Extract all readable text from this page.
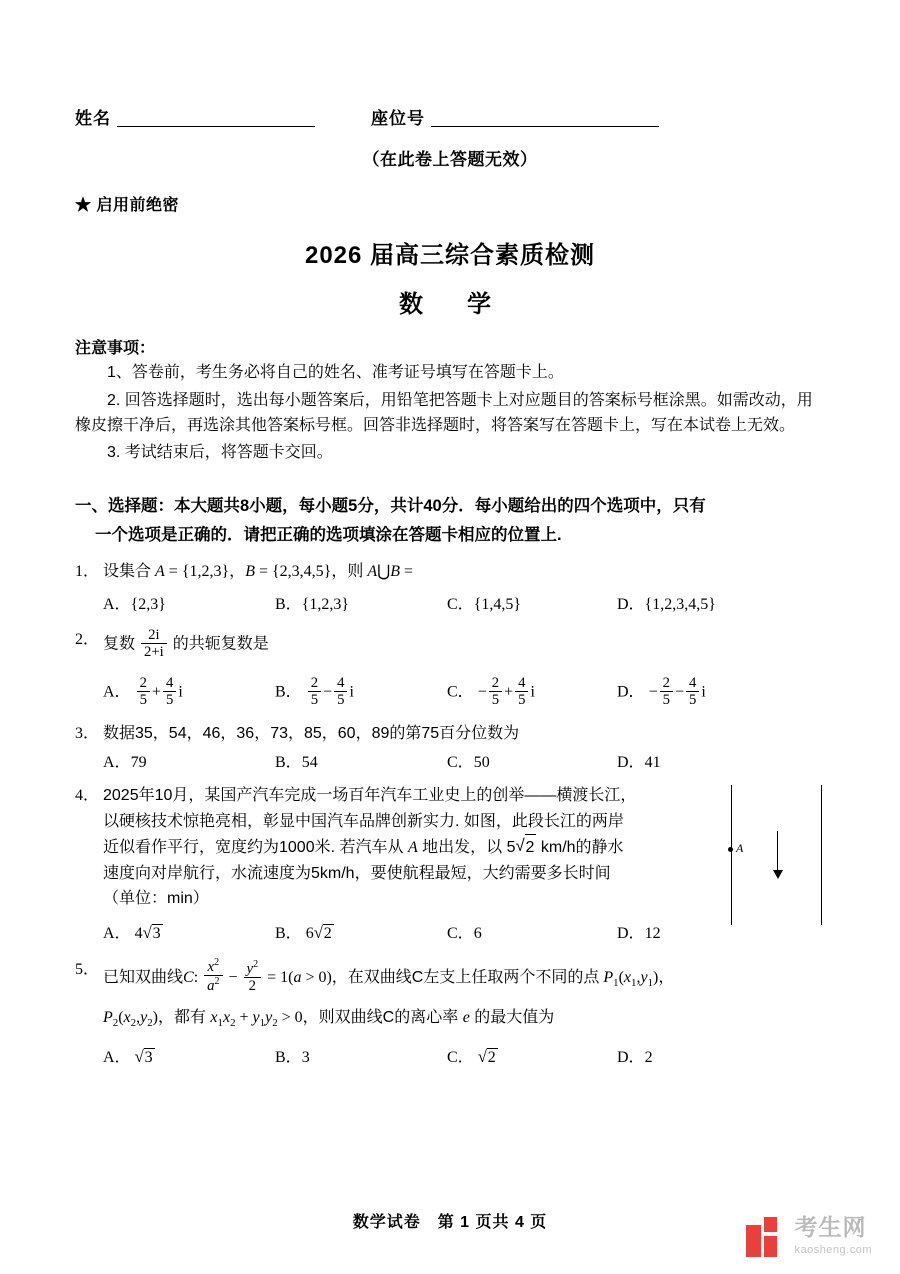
姓名	座位号
（在此卷上答题无效）
★ 启用前绝密
2026 届高三综合素质检测
数　学
注意事项：
1、答卷前，考生务必将自己的姓名、准考证号填写在答题卡上。
2. 回答选择题时，选出每小题答案后，用铅笔把答题卡上对应题目的答案标号框涂黑。如需改动，用橡皮擦干净后，再选涂其他答案标号框。回答非选择题时，将答案写在答题卡上，写在本试卷上无效。
3. 考试结束后，将答题卡交回。
一、选择题：本大题共8小题，每小题5分，共计40分．每小题给出的四个选项中，只有
一个选项是正确的．请把正确的选项填涂在答题卡相应的位置上.
1． 设集合 A = {1,2,3}，B = {2,3,4,5}，则 A⋃B =
A．{2,3}	B．{1,2,3}	C．{1,4,5}	D．{1,2,3,4,5}
2． 复数 $\frac{2i}{2+i}$ 的共轭复数是
A． $\frac{2}{5} + \frac{4}{5}$ i	B． $\frac{2}{5} - \frac{4}{5}$ i	C． − $\frac{2}{5} + \frac{4}{5}$ i	D． − $\frac{2}{5} - \frac{4}{5}$ i
3． 数据35，54，46，36，73，85，60，89的第75百分位数为
A．79	B．54	C．50	D．41
4． 2025年10月，某国产汽车完成一场百年汽车工业史上的创举——横渡长江，
以硬核技术惊艳亮相，彰显中国汽车品牌创新实力. 如图，此段长江的两岸
近似看作平行，宽度约为1000米. 若汽车从 A 地出发，以 5 √ 2 km/h的静水
速度向对岸航行，水流速度为5km/h，要使航程最短，大约需要多长时间
（单位：min）
A
A． 4 √ 3	B． 6 √ 2	C．6	D．12
5． 已知双曲线C: $\frac{x^2}{a^2} - \frac{y^2}{2} = 1(a > 0)$，在双曲线C左支上任取两个不同的点 $P_1(x_1,y_1)$，
$P_2(x_2,y_2)$，都有 $x_1x_2 + y_1y_2 > 0$，则双曲线C的离心率 e 的最大值为
A． √ 3	B．3	C． √ 2	D．2
数学试卷　第 1 页共 4 页	考生网
kaosheng.com
